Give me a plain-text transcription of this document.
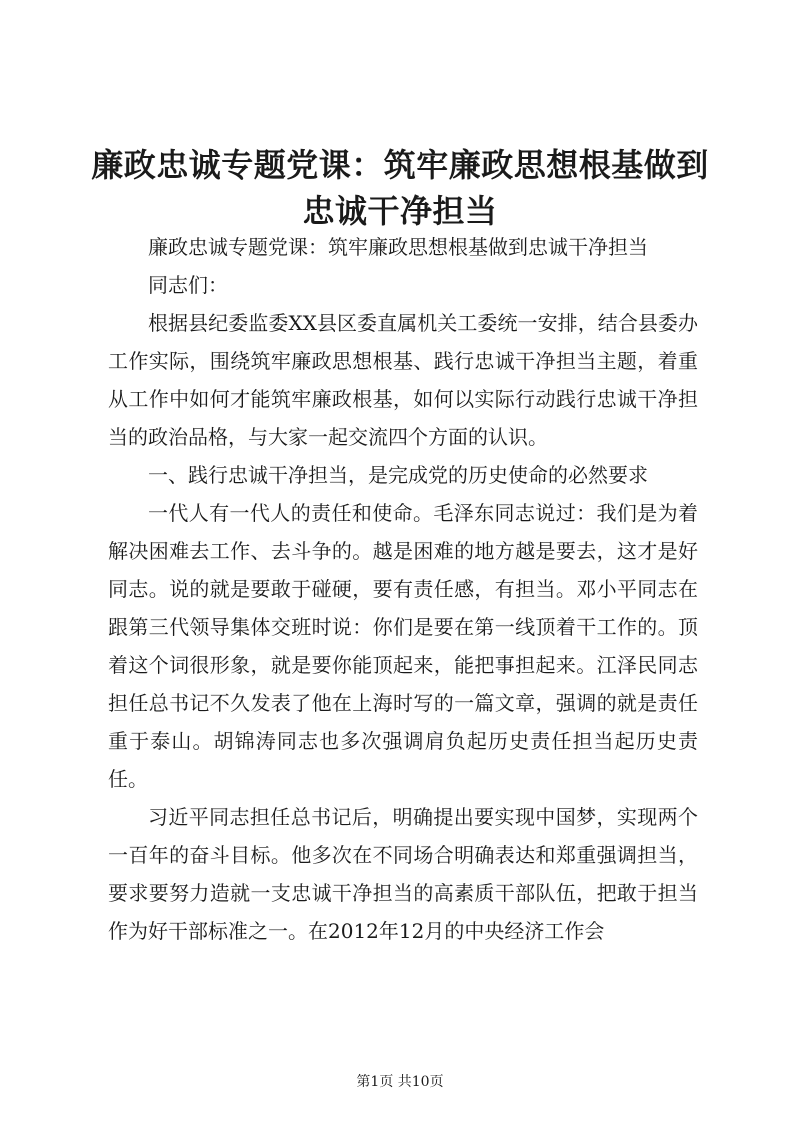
廉政忠诚专题党课：筑牢廉政思想根基做到忠诚干净担当

廉政忠诚专题党课：筑牢廉政思想根基做到忠诚干净担当

同志们：

根据县纪委监委XX县区委直属机关工委统一安排，结合县委办工作实际，围绕筑牢廉政思想根基、践行忠诚干净担当主题，着重从工作中如何才能筑牢廉政根基，如何以实际行动践行忠诚干净担当的政治品格，与大家一起交流四个方面的认识。

一、践行忠诚干净担当，是完成党的历史使命的必然要求

一代人有一代人的责任和使命。毛泽东同志说过：我们是为着解决困难去工作、去斗争的。越是困难的地方越是要去，这才是好同志。说的就是要敢于碰硬，要有责任感，有担当。邓小平同志在跟第三代领导集体交班时说：你们是要在第一线顶着干工作的。顶着这个词很形象，就是要你能顶起来，能把事担起来。江泽民同志担任总书记不久发表了他在上海时写的一篇文章，强调的就是责任重于泰山。胡锦涛同志也多次强调肩负起历史责任担当起历史责任。

习近平同志担任总书记后，明确提出要实现中国梦，实现两个一百年的奋斗目标。他多次在不同场合明确表达和郑重强调担当，要求要努力造就一支忠诚干净担当的高素质干部队伍，把敢于担当作为好干部标准之一。在2012年12月的中央经济工作会

第1页 共10页
